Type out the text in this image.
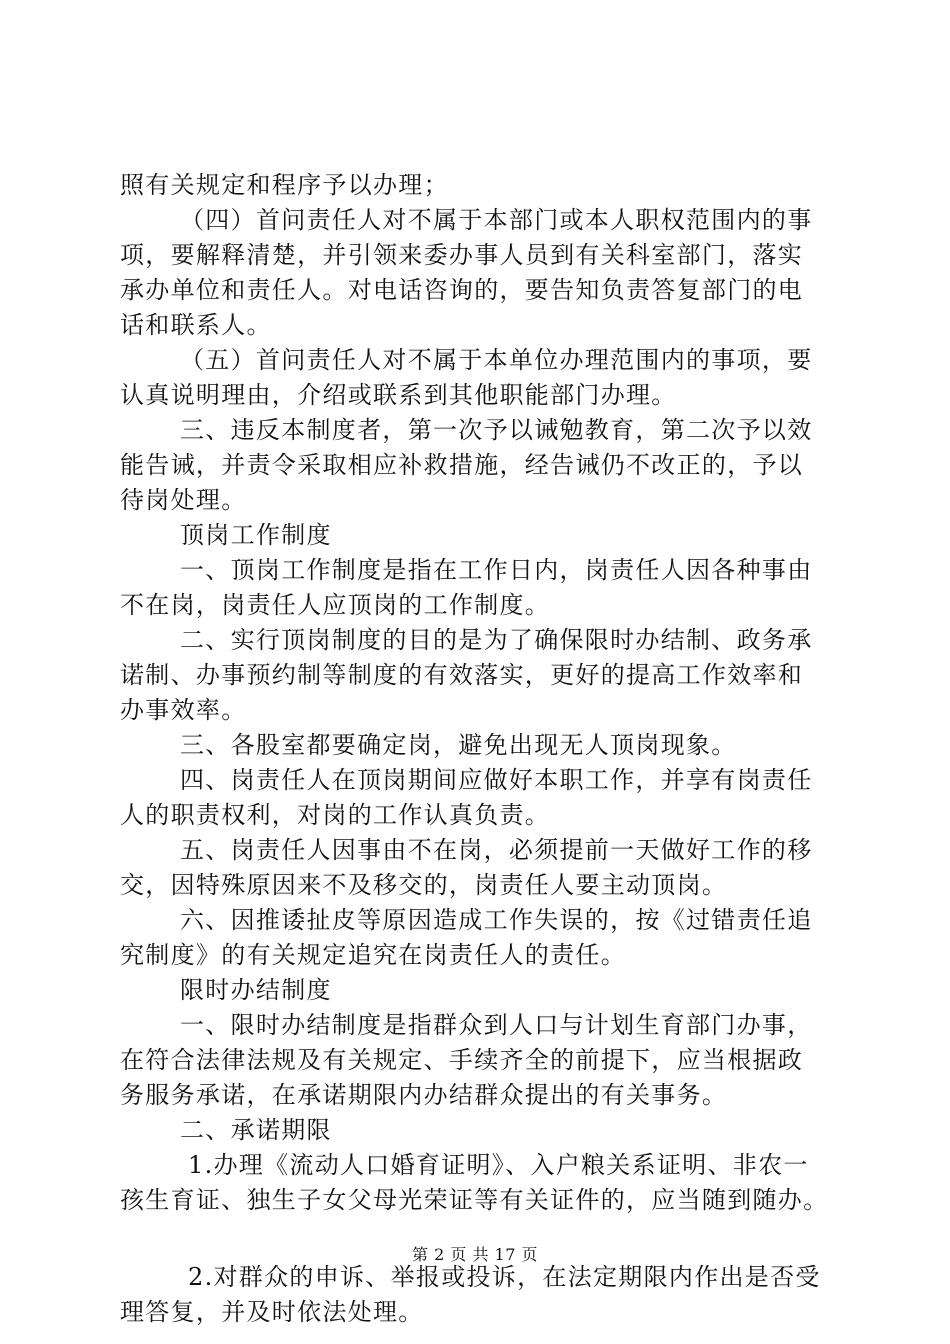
照有关规定和程序予以办理；
（四）首问责任人对不属于本部门或本人职权范围内的事
项，要解释清楚，并引领来委办事人员到有关科室部门，落实
承办单位和责任人。对电话咨询的，要告知负责答复部门的电
话和联系人。
（五）首问责任人对不属于本单位办理范围内的事项，要
认真说明理由，介绍或联系到其他职能部门办理。
三、违反本制度者，第一次予以诫勉教育，第二次予以效
能告诫，并责令采取相应补救措施，经告诫仍不改正的，予以
待岗处理。
顶岗工作制度
一、顶岗工作制度是指在工作日内，岗责任人因各种事由
不在岗，岗责任人应顶岗的工作制度。
二、实行顶岗制度的目的是为了确保限时办结制、政务承
诺制、办事预约制等制度的有效落实，更好的提高工作效率和
办事效率。
三、各股室都要确定岗，避免出现无人顶岗现象。
四、岗责任人在顶岗期间应做好本职工作，并享有岗责任
人的职责权利，对岗的工作认真负责。
五、岗责任人因事由不在岗，必须提前一天做好工作的移
交，因特殊原因来不及移交的，岗责任人要主动顶岗。
六、因推诿扯皮等原因造成工作失误的，按《过错责任追
究制度》的有关规定追究在岗责任人的责任。
限时办结制度
一、限时办结制度是指群众到人口与计划生育部门办事，
在符合法律法规及有关规定、手续齐全的前提下，应当根据政
务服务承诺，在承诺期限内办结群众提出的有关事务。
二、承诺期限
1.办理《流动人口婚育证明》、入户粮关系证明、非农一
孩生育证、独生子女父母光荣证等有关证件的，应当随到随办。
2.对群众的申诉、举报或投诉，在法定期限内作出是否受
理答复，并及时依法处理。
第 2 页 共 17 页
